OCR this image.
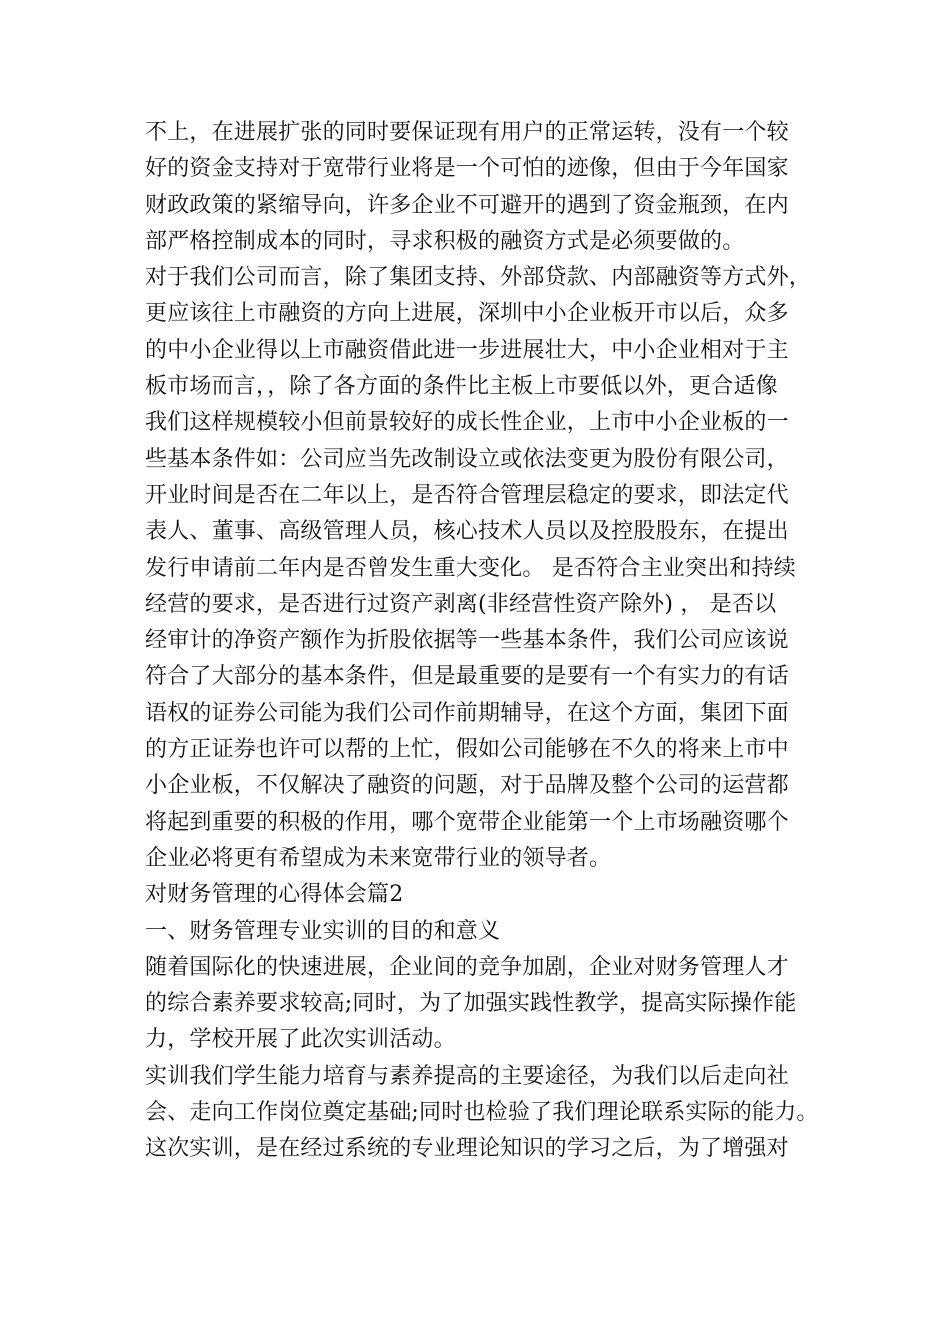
不上，在进展扩张的同时要保证现有用户的正常运转，没有一个较
好的资金支持对于宽带行业将是一个可怕的迹像，但由于今年国家
财政政策的紧缩导向，许多企业不可避开的遇到了资金瓶颈，在内
部严格控制成本的同时，寻求积极的融资方式是必须要做的。
对于我们公司而言，除了集团支持、外部贷款、内部融资等方式外，
更应该往上市融资的方向上进展，深圳中小企业板开市以后，众多
的中小企业得以上市融资借此进一步进展壮大，中小企业相对于主
板市场而言，，除了各方面的条件比主板上市要低以外，更合适像
我们这样规模较小但前景较好的成长性企业，上市中小企业板的一
些基本条件如：公司应当先改制设立或依法变更为股份有限公司，
开业时间是否在二年以上，是否符合管理层稳定的要求，即法定代
表人、董事、高级管理人员，核心技术人员以及控股股东，在提出
发行申请前二年内是否曾发生重大变化。 是否符合主业突出和持续
经营的要求，是否进行过资产剥离(非经营性资产除外) ， 是否以
经审计的净资产额作为折股依据等一些基本条件，我们公司应该说
符合了大部分的基本条件，但是最重要的是要有一个有实力的有话
语权的证券公司能为我们公司作前期辅导，在这个方面，集团下面
的方正证券也许可以帮的上忙，假如公司能够在不久的将来上市中
小企业板，不仅解决了融资的问题，对于品牌及整个公司的运营都
将起到重要的积极的作用，哪个宽带企业能第一个上市场融资哪个
企业必将更有希望成为未来宽带行业的领导者。
对财务管理的心得体会篇2
一、财务管理专业实训的目的和意义
随着国际化的快速进展，企业间的竞争加剧，企业对财务管理人才
的综合素养要求较高;同时，为了加强实践性教学，提高实际操作能
力，学校开展了此次实训活动。
实训我们学生能力培育与素养提高的主要途径，为我们以后走向社
会、走向工作岗位奠定基础;同时也检验了我们理论联系实际的能力。
这次实训，是在经过系统的专业理论知识的学习之后，为了增强对
